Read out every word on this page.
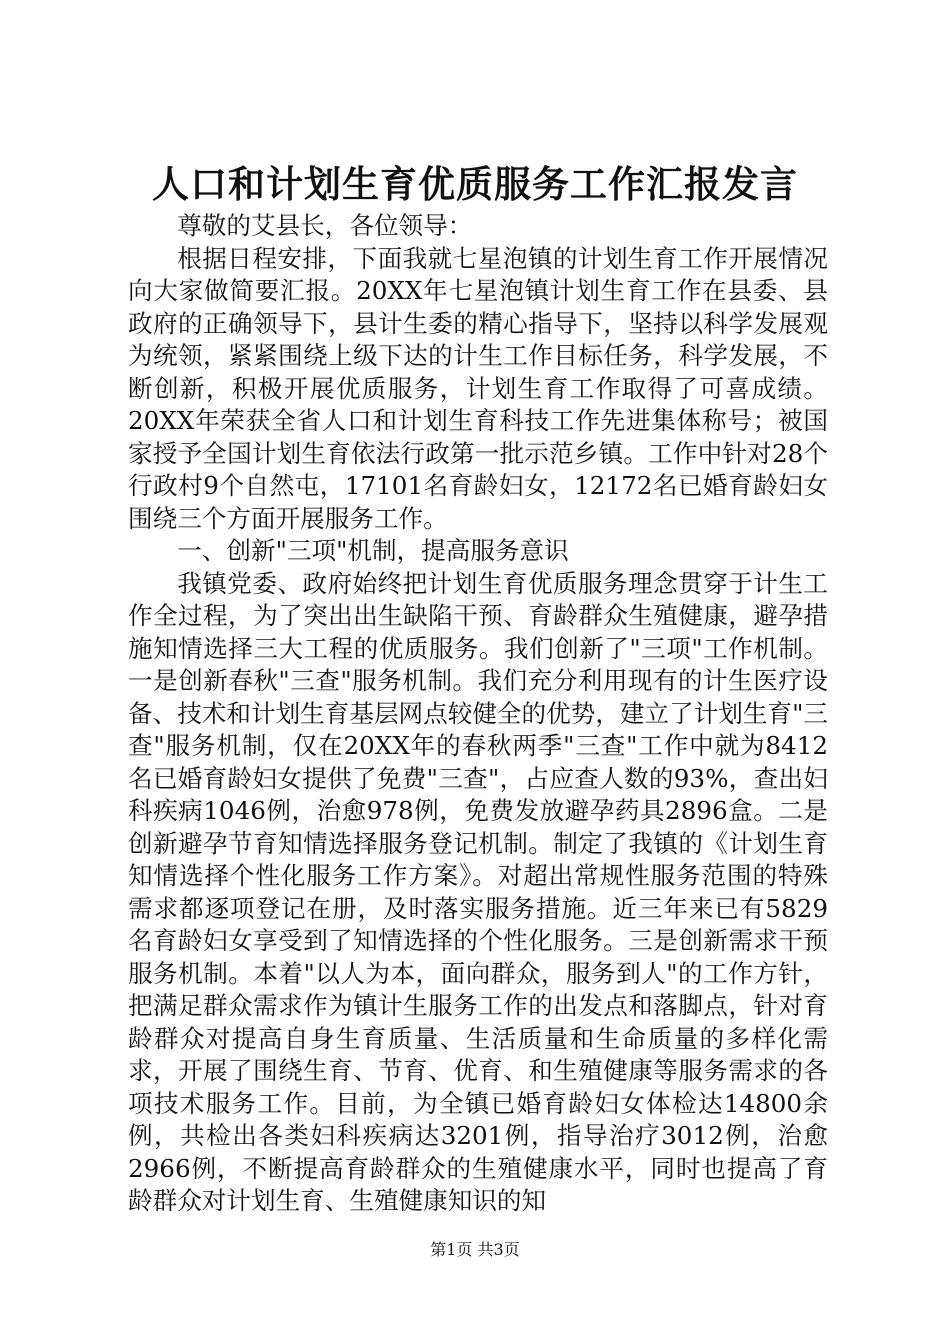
人口和计划生育优质服务工作汇报发言

尊敬的艾县长，各位领导：

根据日程安排，下面我就七星泡镇的计划生育工作开展情况向大家做简要汇报。20XX年七星泡镇计划生育工作在县委、县政府的正确领导下，县计生委的精心指导下，坚持以科学发展观为统领，紧紧围绕上级下达的计生工作目标任务，科学发展，不断创新，积极开展优质服务，计划生育工作取得了可喜成绩。20XX年荣获全省人口和计划生育科技工作先进集体称号；被国家授予全国计划生育依法行政第一批示范乡镇。工作中针对28个行政村9个自然屯，17101名育龄妇女，12172名已婚育龄妇女围绕三个方面开展服务工作。

一、创新"三项"机制，提高服务意识

我镇党委、政府始终把计划生育优质服务理念贯穿于计生工作全过程，为了突出出生缺陷干预、育龄群众生殖健康，避孕措施知情选择三大工程的优质服务。我们创新了"三项"工作机制。一是创新春秋"三查"服务机制。我们充分利用现有的计生医疗设备、技术和计划生育基层网点较健全的优势，建立了计划生育"三查"服务机制，仅在20XX年的春秋两季"三查"工作中就为8412名已婚育龄妇女提供了免费"三查"，占应查人数的93%，查出妇科疾病1046例，治愈978例，免费发放避孕药具2896盒。二是创新避孕节育知情选择服务登记机制。制定了我镇的《计划生育知情选择个性化服务工作方案》。对超出常规性服务范围的特殊需求都逐项登记在册，及时落实服务措施。近三年来已有5829名育龄妇女享受到了知情选择的个性化服务。三是创新需求干预服务机制。本着"以人为本，面向群众，服务到人"的工作方针，把满足群众需求作为镇计生服务工作的出发点和落脚点，针对育龄群众对提高自身生育质量、生活质量和生命质量的多样化需求，开展了围绕生育、节育、优育、和生殖健康等服务需求的各项技术服务工作。目前，为全镇已婚育龄妇女体检达14800余例，共检出各类妇科疾病达3201例，指导治疗3012例，治愈2966例，不断提高育龄群众的生殖健康水平，同时也提高了育龄群众对计划生育、生殖健康知识的知

第1页 共3页
